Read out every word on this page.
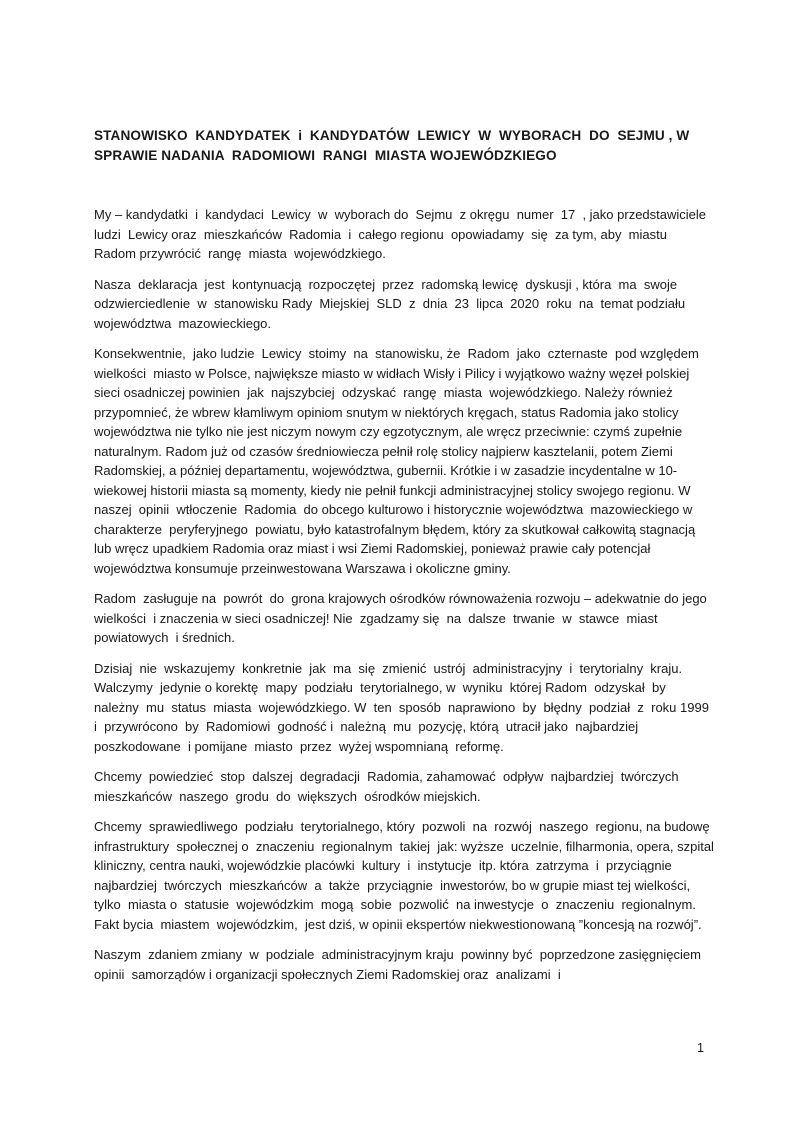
STANOWISKO  KANDYDATEK  i  KANDYDATÓW  LEWICY  W  WYBORACH  DO  SEJMU , W  SPRAWIE NADANIA  RADOMIOWI  RANGI  MIASTA WOJEWÓDZKIEGO

My – kandydatki  i  kandydaci  Lewicy  w  wyborach do  Sejmu  z okręgu  numer  17  , jako przedstawiciele  ludzi  Lewicy oraz  mieszkańców  Radomia  i  całego regionu  opowiadamy  się  za tym, aby  miastu  Radom przywrócić  rangę  miasta  wojewódzkiego.

Nasza  deklaracja  jest  kontynuacją  rozpoczętej  przez  radomską lewicę  dyskusji , która  ma  swoje odzwierciedlenie  w  stanowisku Rady  Miejskiej  SLD  z  dnia  23  lipca  2020  roku  na  temat podziału  województwa  mazowieckiego.

Konsekwentnie,  jako ludzie  Lewicy  stoimy  na  stanowisku, że  Radom  jako  czternaste  pod względem  wielkości  miasto w Polsce, największe miasto w widłach Wisły i Pilicy i wyjątkowo ważny węzeł polskiej sieci osadniczej powinien  jak  najszybciej  odzyskać  rangę  miasta  wojewódzkiego. Należy również przypomnieć, że wbrew kłamliwym opiniom snutym w niektórych kręgach, status Radomia jako stolicy województwa nie tylko nie jest niczym nowym czy egzotycznym, ale wręcz przeciwnie: czymś zupełnie naturalnym. Radom już od czasów średniowiecza pełnił rolę stolicy najpierw kasztelanii, potem Ziemi Radomskiej, a później departamentu, województwa, gubernii. Krótkie i w zasadzie incydentalne w 10-wiekowej historii miasta są momenty, kiedy nie pełnił funkcji administracyjnej stolicy swojego regionu. W  naszej  opinii  wtłoczenie  Radomia  do obcego kulturowo i historycznie województwa  mazowieckiego w  charakterze  peryferyjnego  powiatu, było katastrofalnym błędem, który za skutkował całkowitą stagnacją lub wręcz upadkiem Radomia oraz miast i wsi Ziemi Radomskiej, ponieważ prawie cały potencjał województwa konsumuje przeinwestowana Warszawa i okoliczne gminy.

Radom  zasługuje na  powrót  do  grona krajowych ośrodków równoważenia rozwoju – adekwatnie do jego wielkości  i znaczenia w sieci osadniczej! Nie  zgadzamy się  na  dalsze  trwanie  w  stawce  miast powiatowych  i średnich.

Dzisiaj  nie  wskazujemy  konkretnie  jak  ma  się  zmienić  ustrój  administracyjny  i  terytorialny  kraju. Walczymy  jedynie o korektę  mapy  podziału  terytorialnego, w  wyniku  której Radom  odzyskał  by należny  mu  status  miasta  wojewódzkiego. W  ten  sposób  naprawiono  by  błędny  podział  z  roku 1999 i  przywrócono  by  Radomiowi  godność i  należną  mu  pozycję, którą  utracił jako  najbardziej poszkodowane  i pomijane  miasto  przez  wyżej wspomnianą  reformę.

Chcemy  powiedzieć  stop  dalszej  degradacji  Radomia, zahamować  odpływ  najbardziej  twórczych mieszkańców  naszego  grodu  do  większych  ośrodków miejskich.

Chcemy  sprawiedliwego  podziału  terytorialnego, który  pozwoli  na  rozwój  naszego  regionu, na budowę  infrastruktury  społecznej o  znaczeniu  regionalnym  takiej  jak: wyższe  uczelnie, filharmonia, opera, szpital  kliniczny, centra nauki, wojewódzkie placówki  kultury  i  instytucje  itp. która  zatrzyma  i  przyciągnie  najbardziej  twórczych  mieszkańców  a  także  przyciągnie  inwestorów, bo w grupie miast tej wielkości, tylko  miasta o  statusie  wojewódzkim  mogą  sobie  pozwolić  na inwestycje  o  znaczeniu  regionalnym. Fakt bycia  miastem  wojewódzkim,  jest dziś, w opinii ekspertów niekwestionowaną ”koncesją na rozwój”.

Naszym  zdaniem zmiany  w  podziale  administracyjnym kraju  powinny być  poprzedzone zasięgnięciem  opinii  samorządów i organizacji społecznych Ziemi Radomskiej oraz  analizami  i

1
